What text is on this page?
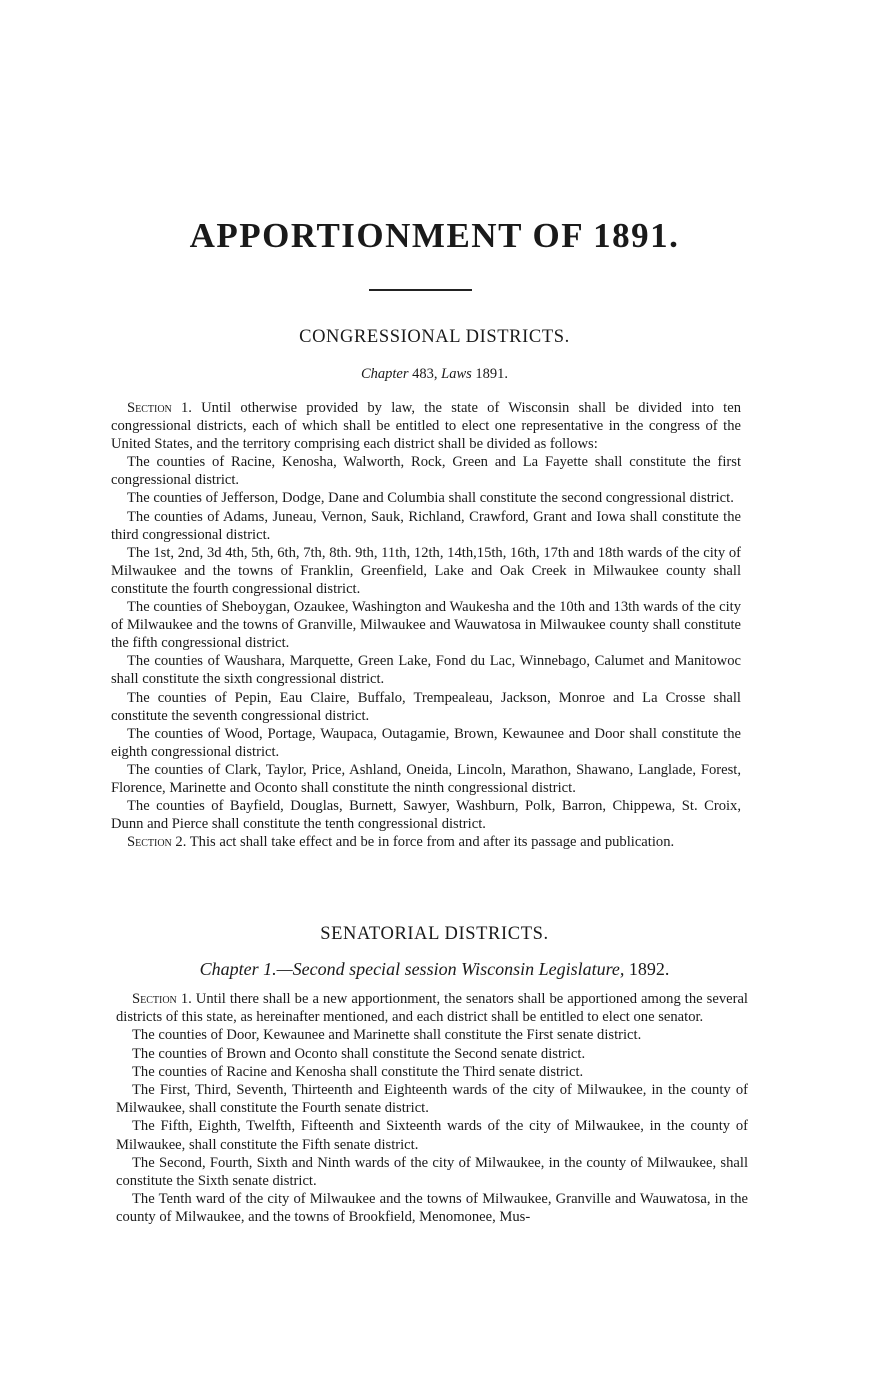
APPORTIONMENT OF 1891.
CONGRESSIONAL DISTRICTS.
Chapter 483, Laws 1891.

Section 1. Until otherwise provided by law, the state of Wisconsin shall be divided into ten congressional districts, each of which shall be entitled to elect one representative in the congress of the United States, and the territory comprising each district shall be divided as follows:

The counties of Racine, Kenosha, Walworth, Rock, Green and La Fayette shall constitute the first congressional district.

The counties of Jefferson, Dodge, Dane and Columbia shall constitute the second congressional district.

The counties of Adams, Juneau, Vernon, Sauk, Richland, Crawford, Grant and Iowa shall constitute the third congressional district.

The 1st, 2nd, 3d 4th, 5th, 6th, 7th, 8th. 9th, 11th, 12th, 14th,15th, 16th, 17th and 18th wards of the city of Milwaukee and the towns of Franklin, Greenfield, Lake and Oak Creek in Milwaukee county shall constitute the fourth congressional district.

The counties of Sheboygan, Ozaukee, Washington and Waukesha and the 10th and 13th wards of the city of Milwaukee and the towns of Granville, Milwaukee and Wauwatosa in Milwaukee county shall constitute the fifth congressional district.

The counties of Waushara, Marquette, Green Lake, Fond du Lac, Winnebago, Calumet and Manitowoc shall constitute the sixth congressional district.

The counties of Pepin, Eau Claire, Buffalo, Trempealeau, Jackson, Monroe and La Crosse shall constitute the seventh congressional district.

The counties of Wood, Portage, Waupaca, Outagamie, Brown, Kewaunee and Door shall constitute the eighth congressional district.

The counties of Clark, Taylor, Price, Ashland, Oneida, Lincoln, Marathon, Shawano, Langlade, Forest, Florence, Marinette and Oconto shall constitute the ninth congressional district.

The counties of Bayfield, Douglas, Burnett, Sawyer, Washburn, Polk, Barron, Chippewa, St. Croix, Dunn and Pierce shall constitute the tenth congressional district.

Section 2. This act shall take effect and be in force from and after its passage and publication.

SENATORIAL DISTRICTS.
Chapter 1.—Second special session Wisconsin Legislature, 1892.

Section 1. Until there shall be a new apportionment, the senators shall be apportioned among the several districts of this state, as hereinafter mentioned, and each district shall be entitled to elect one senator.

The counties of Door, Kewaunee and Marinette shall constitute the First senate district.

The counties of Brown and Oconto shall constitute the Second senate district.

The counties of Racine and Kenosha shall constitute the Third senate district.

The First, Third, Seventh, Thirteenth and Eighteenth wards of the city of Milwaukee, in the county of Milwaukee, shall constitute the Fourth senate district.

The Fifth, Eighth, Twelfth, Fifteenth and Sixteenth wards of the city of Milwaukee, in the county of Milwaukee, shall constitute the Fifth senate district.

The Second, Fourth, Sixth and Ninth wards of the city of Milwaukee, in the county of Milwaukee, shall constitute the Sixth senate district.

The Tenth ward of the city of Milwaukee and the towns of Milwaukee, Granville and Wauwatosa, in the county of Milwaukee, and the towns of Brookfield, Menomonee, Mus-
